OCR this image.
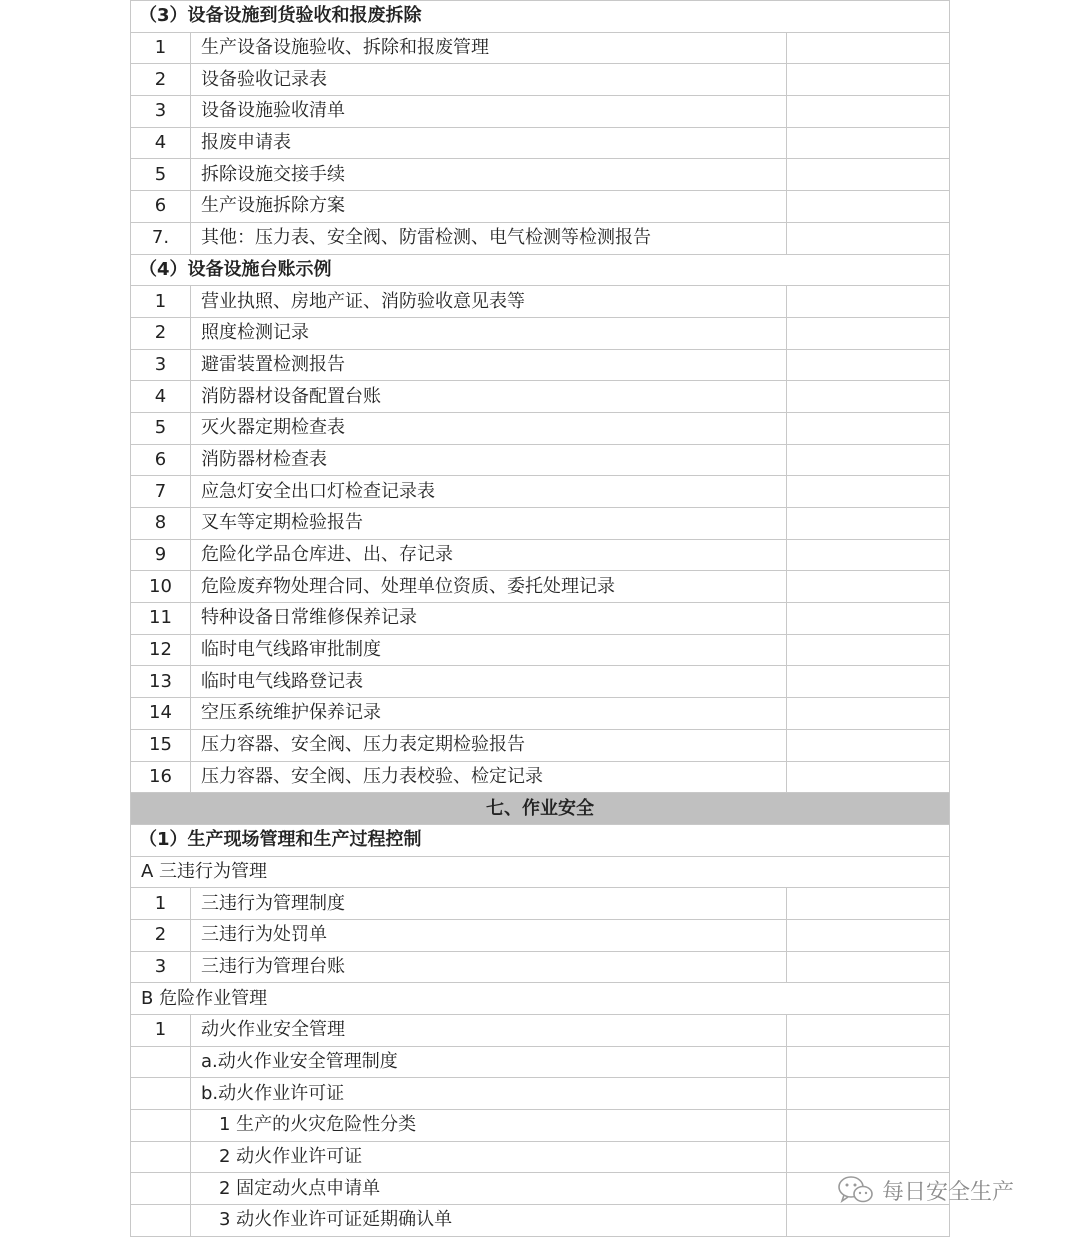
（3）设备设施到货验收和报废拆除		
1	生产设备设施验收、拆除和报废管理	
2	设备验收记录表	
3	设备设施验收清单	
4	报废申请表	
5	拆除设施交接手续	
6	生产设施拆除方案	
7.	其他：压力表、安全阀、防雷检测、电气检测等检测报告	
（4）设备设施台账示例		
1	营业执照、房地产证、消防验收意见表等	
2	照度检测记录	
3	避雷装置检测报告	
4	消防器材设备配置台账	
5	灭火器定期检查表	
6	消防器材检查表	
7	应急灯安全出口灯检查记录表	
8	叉车等定期检验报告	
9	危险化学品仓库进、出、存记录	
10	危险废弃物处理合同、处理单位资质、委托处理记录	
11	特种设备日常维修保养记录	
12	临时电气线路审批制度	
13	临时电气线路登记表	
14	空压系统维护保养记录	
15	压力容器、安全阀、压力表定期检验报告	
16	压力容器、安全阀、压力表校验、检定记录	
七、作业安全		
（1）生产现场管理和生产过程控制		
A 三违行为管理		
1	三违行为管理制度	
2	三违行为处罚单	
3	三违行为管理台账	
B 危险作业管理		
1	动火作业安全管理	
	a.动火作业安全管理制度	
	b.动火作业许可证	
	1 生产的火灾危险性分类	
	2 动火作业许可证	
	2 固定动火点申请单	
	3 动火作业许可证延期确认单	
每日安全生产
